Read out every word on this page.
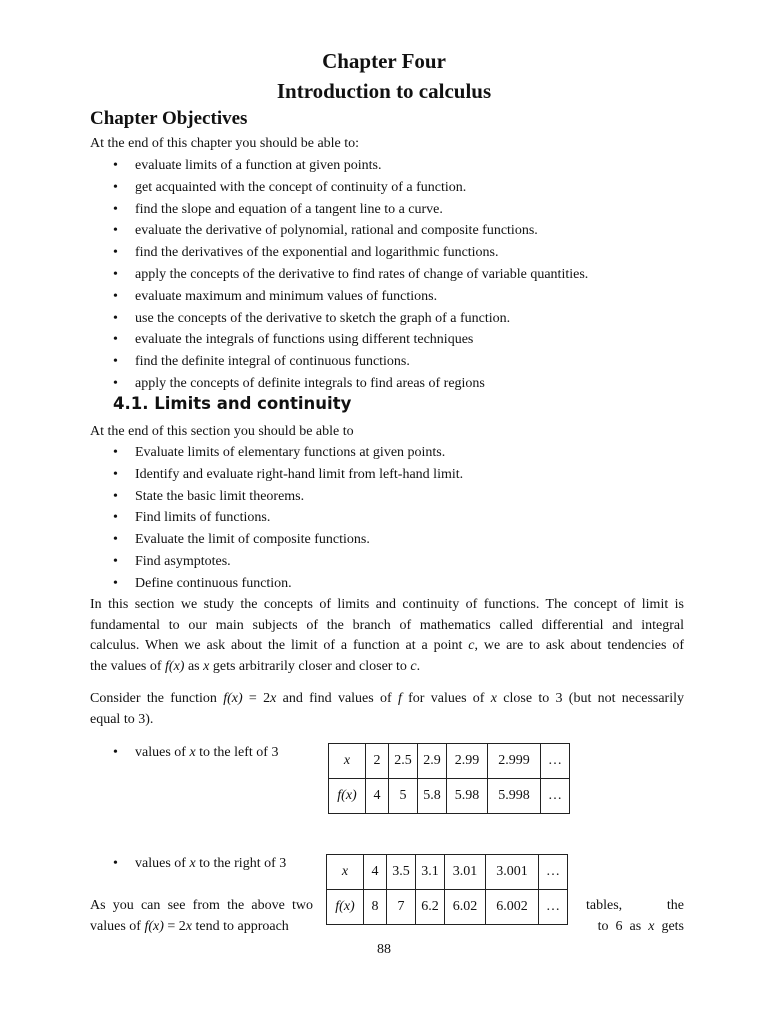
Chapter Four
Introduction to calculus
Chapter Objectives
At the end of this chapter you should be able to:
• evaluate limits of a function at given points.
• get acquainted with the concept of continuity of a function.
• find the slope and equation of a tangent line to a curve.
• evaluate the derivative of polynomial, rational and composite functions.
• find the derivatives of the exponential and logarithmic functions.
• apply the concepts of the derivative to find rates of change of variable quantities.
• evaluate maximum and minimum values of functions.
• use the concepts of the derivative to sketch the graph of a function.
• evaluate the integrals of functions using different techniques
• find the definite integral of continuous functions.
• apply the concepts of definite integrals to find areas of regions
4.1. Limits and continuity
At the end of this section you should be able to
• Evaluate limits of elementary functions at given points.
• Identify and evaluate right-hand limit from left-hand limit.
• State the basic limit theorems.
• Find limits of functions.
• Evaluate the limit of composite functions.
• Find asymptotes.
• Define continuous function.
In this section we study the concepts of limits and continuity of functions. The concept of limit is
fundamental to our main subjects of the branch of mathematics called differential and integral
calculus. When we ask about the limit of a function at a point c, we are to ask about tendencies of
the values of f(x) as x gets arbitrarily closer and closer to c.
Consider the function f(x) = 2x and find values of f for values of x close to 3 (but not necessarily
equal to 3).
• values of x to the left of 3
x	2	2.5	2.9	2.99	2.999	…
f(x)	4	5	5.8	5.98	5.998	…
• values of x to the right of 3
x	4	3.5	3.1	3.01	3.001	…
f(x)	8	7	6.2	6.02	6.002	…
As you can see from the above two
values of f(x) = 2x tend to approach
tables,	the
to  6  as  x  gets
88
